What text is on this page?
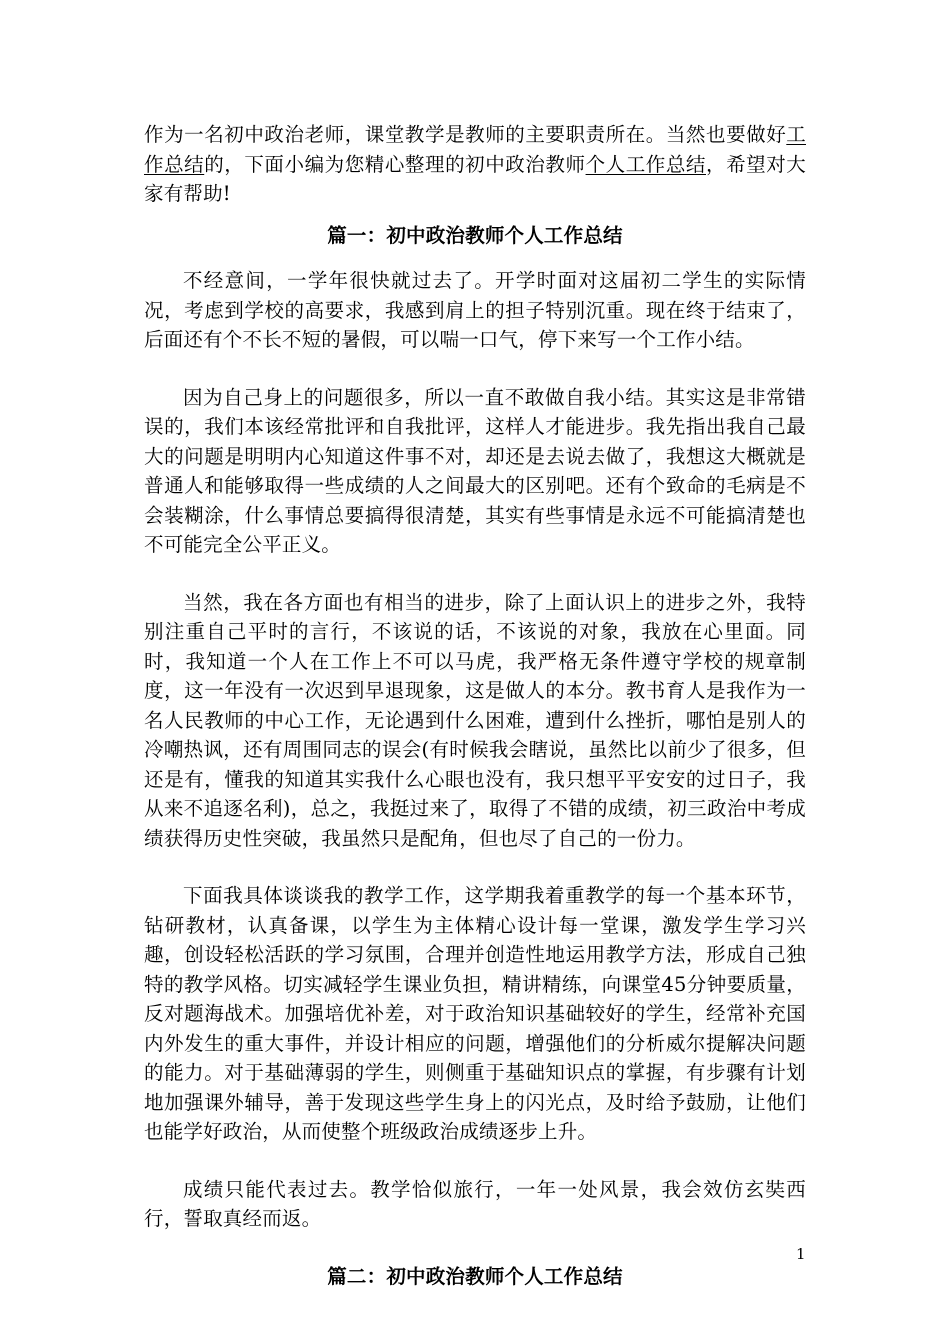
作为一名初中政治老师，课堂教学是教师的主要职责所在。当然也要做好工作总结的，下面小编为您精心整理的初中政治教师个人工作总结，希望对大家有帮助!

篇一：初中政治教师个人工作总结

不经意间，一学年很快就过去了。开学时面对这届初二学生的实际情况，考虑到学校的高要求，我感到肩上的担子特别沉重。现在终于结束了，后面还有个不长不短的暑假，可以喘一口气，停下来写一个工作小结。

因为自己身上的问题很多，所以一直不敢做自我小结。其实这是非常错误的，我们本该经常批评和自我批评，这样人才能进步。我先指出我自己最大的问题是明明内心知道这件事不对，却还是去说去做了，我想这大概就是普通人和能够取得一些成绩的人之间最大的区别吧。还有个致命的毛病是不会装糊涂，什么事情总要搞得很清楚，其实有些事情是永远不可能搞清楚也不可能完全公平正义。

当然，我在各方面也有相当的进步，除了上面认识上的进步之外，我特别注重自己平时的言行，不该说的话，不该说的对象，我放在心里面。同时，我知道一个人在工作上不可以马虎，我严格无条件遵守学校的规章制度，这一年没有一次迟到早退现象，这是做人的本分。教书育人是我作为一名人民教师的中心工作，无论遇到什么困难，遭到什么挫折，哪怕是别人的冷嘲热讽，还有周围同志的误会(有时候我会瞎说，虽然比以前少了很多，但还是有，懂我的知道其实我什么心眼也没有，我只想平平安安的过日子，我从来不追逐名利)，总之，我挺过来了，取得了不错的成绩，初三政治中考成绩获得历史性突破，我虽然只是配角，但也尽了自己的一份力。

下面我具体谈谈我的教学工作，这学期我着重教学的每一个基本环节，钻研教材，认真备课，以学生为主体精心设计每一堂课，激发学生学习兴趣，创设轻松活跃的学习氛围，合理并创造性地运用教学方法，形成自己独特的教学风格。切实减轻学生课业负担，精讲精练，向课堂45分钟要质量，反对题海战术。加强培优补差，对于政治知识基础较好的学生，经常补充国内外发生的重大事件，并设计相应的问题，增强他们的分析威尔提解决问题的能力。对于基础薄弱的学生，则侧重于基础知识点的掌握，有步骤有计划地加强课外辅导，善于发现这些学生身上的闪光点，及时给予鼓励，让他们也能学好政治，从而使整个班级政治成绩逐步上升。

成绩只能代表过去。教学恰似旅行，一年一处风景，我会效仿玄奘西行，誓取真经而返。

篇二：初中政治教师个人工作总结

1
